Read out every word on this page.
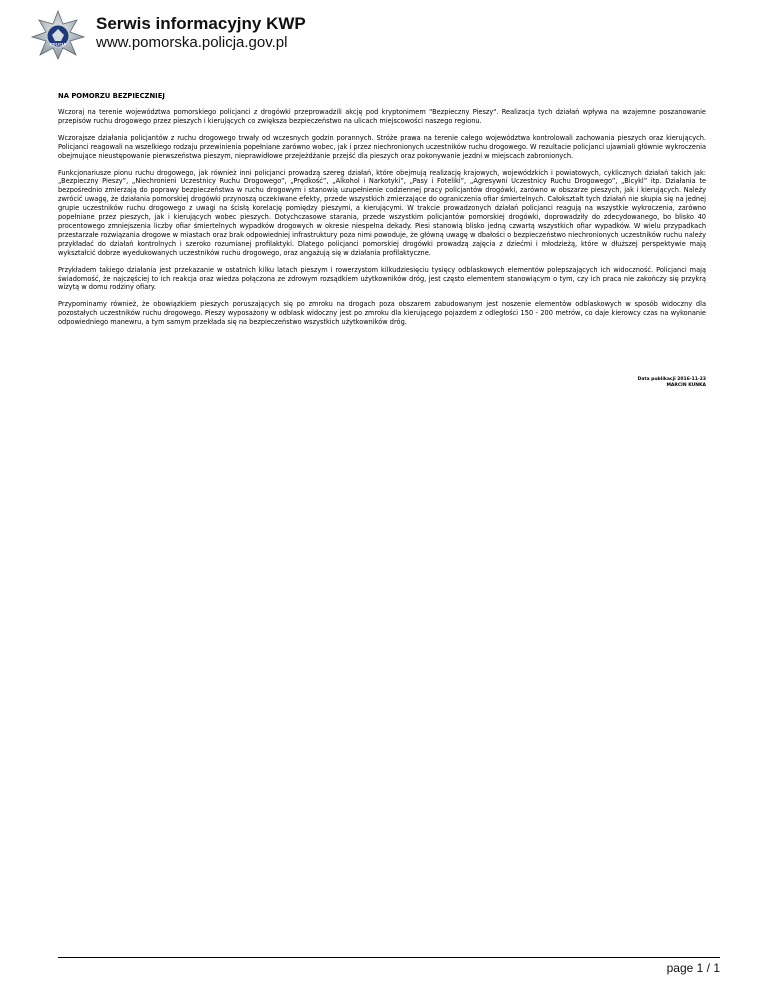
POLICJA
Serwis informacyjny KWP
www.pomorska.policja.gov.pl
NA POMORZU BEZPIECZNIEJ

Wczoraj na terenie województwa pomorskiego policjanci z drogówki przeprowadzili akcję pod kryptonimem "Bezpieczny Pieszy". Realizacja tych działań wpływa na wzajemne poszanowanie przepisów ruchu drogowego przez pieszych i kierujących co zwiększa bezpieczeństwo na ulicach miejscowości naszego regionu.

Wczorajsze działania policjantów z ruchu drogowego trwały od wczesnych godzin porannych. Stróże prawa na terenie całego województwa kontrolowali zachowania pieszych oraz kierujących. Policjanci reagowali na wszelkiego rodzaju przewinienia popełniane zarówno wobec, jak i przez niechronionych uczestników ruchu drogowego. W rezultacie policjanci ujawniali głównie wykroczenia obejmujące nieustępowanie pierwszeństwa pieszym, nieprawidłowe przejeżdżanie przejść dla pieszych oraz pokonywanie jezdni w miejscach zabronionych.

Funkcjonariusze pionu ruchu drogowego, jak również inni policjanci prowadzą szereg działań, które obejmują realizację krajowych, wojewódzkich i powiatowych, cyklicznych działań takich jak: „Bezpieczny Pieszy”, „Niechronieni Uczestnicy Ruchu Drogowego”, „Prędkość”, „Alkohol i Narkotyki”, „Pasy i Foteliki”, „Agresywni Uczestnicy Ruchu Drogowego”, „Bicykl” itp. Działania te bezpośrednio zmierzają do poprawy bezpieczeństwa w ruchu drogowym i stanowią uzupełnienie codziennej pracy policjantów drogówki, zarówno w obszarze pieszych, jak i kierujących. Należy zwrócić uwagę, że działania pomorskiej drogówki przynoszą oczekiwane efekty, przede wszystkich zmierzające do ograniczenia ofiar śmiertelnych. Całokształt tych działań nie skupia się na jednej grupie uczestników ruchu drogowego z uwagi na ścisłą korelację pomiędzy pieszymi, a kierującymi. W trakcie prowadzonych działań policjanci reagują na wszystkie wykroczenia, zarówno popełniane przez pieszych, jak i kierujących wobec pieszych. Dotychczasowe starania, przede wszystkim policjantów pomorskiej drogówki, doprowadziły do zdecydowanego, bo blisko 40 procentowego zmniejszenia liczby ofiar śmiertelnych wypadków drogowych w okresie niespełna dekady. Piesi stanowią blisko jedną czwartą wszystkich ofiar wypadków. W wielu przypadkach przestarzałe rozwiązania drogowe w miastach oraz brak odpowiedniej infrastruktury poza nimi powoduje, że główną uwagę w dbałości o bezpieczeństwo niechronionych uczestników ruchu należy przykładać do działań kontrolnych i szeroko rozumianej profilaktyki. Dlatego policjanci pomorskiej drogówki prowadzą zajęcia z dziećmi i młodzieżą, które w dłuższej perspektywie mają wykształcić dobrze wyedukowanych uczestników ruchu drogowego, oraz angażują się w działania profilaktyczne.

Przykładem takiego działania jest przekazanie w ostatnich kilku latach pieszym i rowerzystom kilkudziesięciu tysięcy odblaskowych elementów polepszających ich widoczność. Policjanci mają świadomość, że najczęściej to ich reakcja oraz wiedza połączona ze zdrowym rozsądkiem użytkowników dróg, jest często elementem stanowiącym o tym, czy ich praca nie zakończy się przykrą wizytą w domu rodziny ofiary.

Przypominamy również, że obowiązkiem pieszych poruszających się po zmroku na drogach poza obszarem zabudowanym jest noszenie elementów odblaskowych w sposób widoczny dla pozostałych uczestników ruchu drogowego. Pieszy wyposażony w odblask widoczny jest po zmroku dla kierującego pojazdem z odległości 150 - 200 metrów, co daje kierowcy czas na wykonanie odpowiedniego manewru, a tym samym przekłada się na bezpieczeństwo wszystkich użytkowników dróg.

Data publikacji 2016-11-23
MARCIN KUNKA
page 1 / 1
